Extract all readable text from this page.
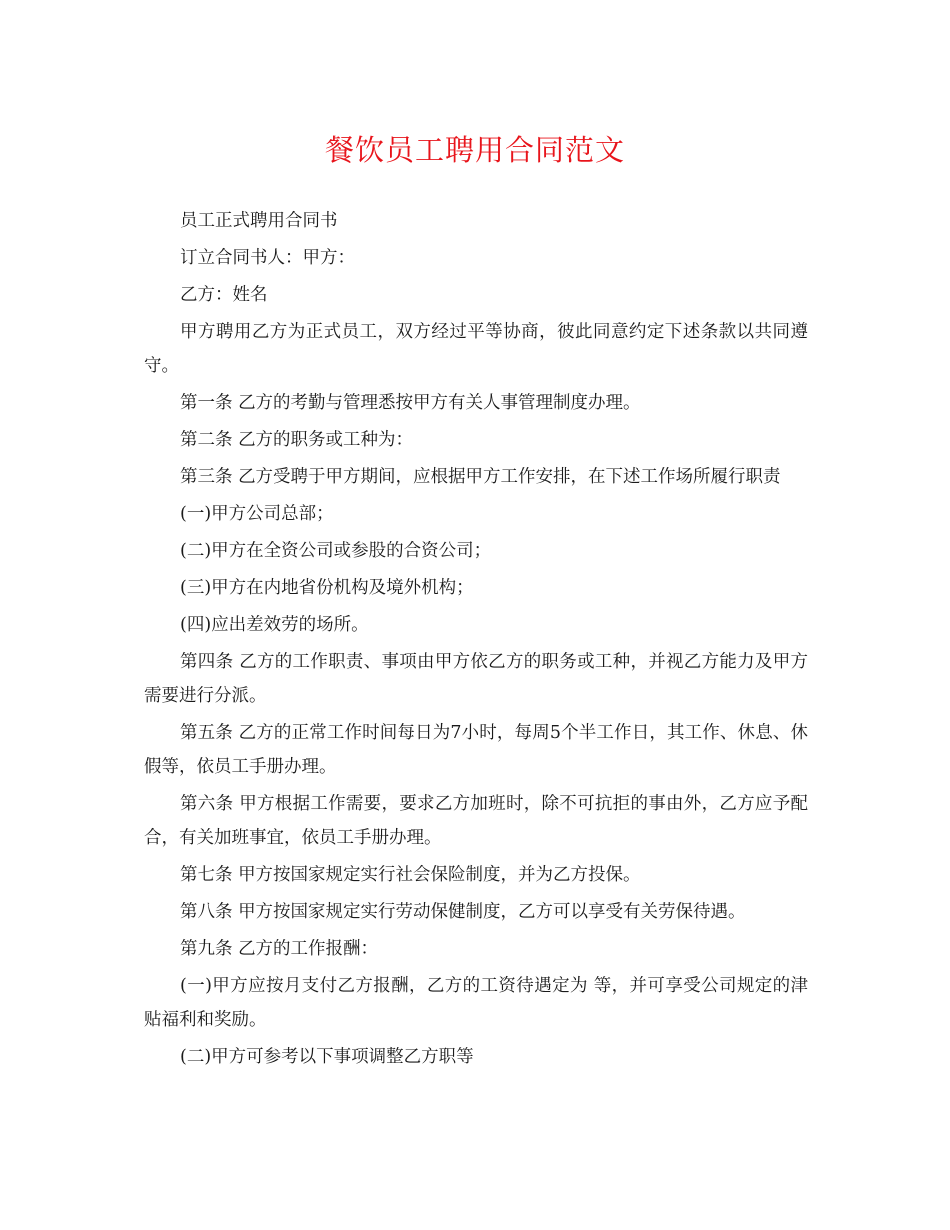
餐饮员工聘用合同范文

员工正式聘用合同书

订立合同书人：甲方：

乙方：姓名

甲方聘用乙方为正式员工，双方经过平等协商，彼此同意约定下述条款以共同遵守。

第一条 乙方的考勤与管理悉按甲方有关人事管理制度办理。

第二条 乙方的职务或工种为：

第三条 乙方受聘于甲方期间，应根据甲方工作安排，在下述工作场所履行职责

(一)甲方公司总部；

(二)甲方在全资公司或参股的合资公司；

(三)甲方在内地省份机构及境外机构；

(四)应出差效劳的场所。

第四条 乙方的工作职责、事项由甲方依乙方的职务或工种，并视乙方能力及甲方需要进行分派。

第五条 乙方的正常工作时间每日为7小时，每周5个半工作日，其工作、休息、休假等，依员工手册办理。

第六条 甲方根据工作需要，要求乙方加班时，除不可抗拒的事由外，乙方应予配合，有关加班事宜，依员工手册办理。

第七条 甲方按国家规定实行社会保险制度，并为乙方投保。

第八条 甲方按国家规定实行劳动保健制度，乙方可以享受有关劳保待遇。

第九条 乙方的工作报酬：

(一)甲方应按月支付乙方报酬，乙方的工资待遇定为 等，并可享受公司规定的津贴福利和奖励。

(二)甲方可参考以下事项调整乙方职等
